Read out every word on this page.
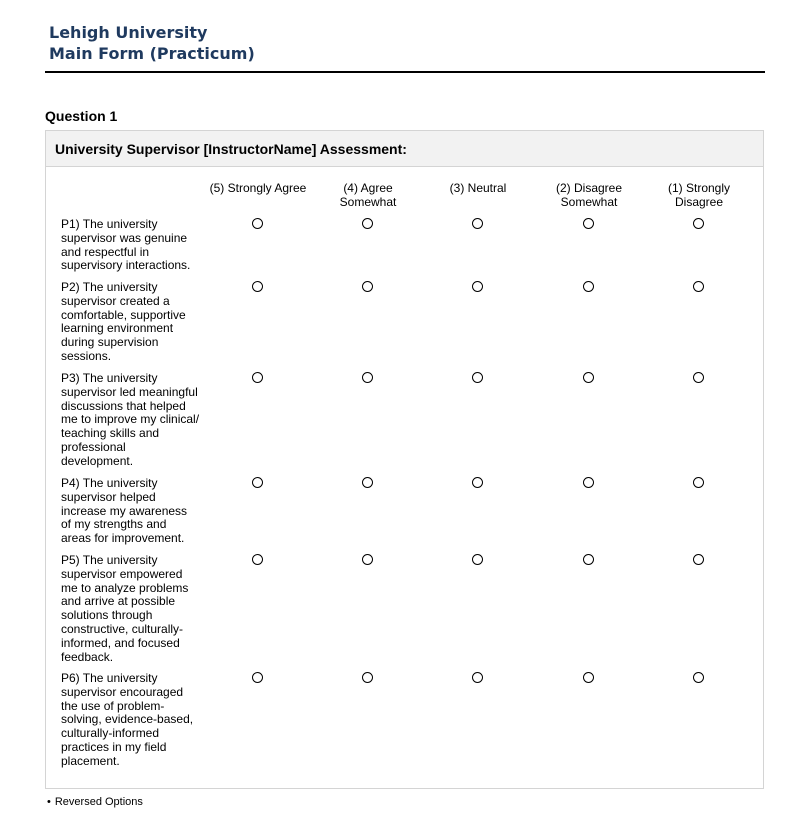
Lehigh University
Main Form (Practicum)
Question 1
University Supervisor [InstructorName] Assessment:
(5) Strongly Agree	(4) Agree
Somewhat
(3) Neutral	(2) Disagree
Somewhat
(1) Strongly
Disagree
P1) The university
supervisor was genuine
and respectful in
supervisory interactions.
P2) The university
supervisor created a
comfortable, supportive
learning environment
during supervision
sessions.
P3) The university
supervisor led meaningful
discussions that helped
me to improve my clinical/
teaching skills and
professional
development.
P4) The university
supervisor helped
increase my awareness
of my strengths and
areas for improvement.
P5) The university
supervisor empowered
me to analyze problems
and arrive at possible
solutions through
constructive, culturally-
informed, and focused
feedback.
P6) The university
supervisor encouraged
the use of problem-
solving, evidence-based,
culturally-informed
practices in my field
placement.
• Reversed Options
